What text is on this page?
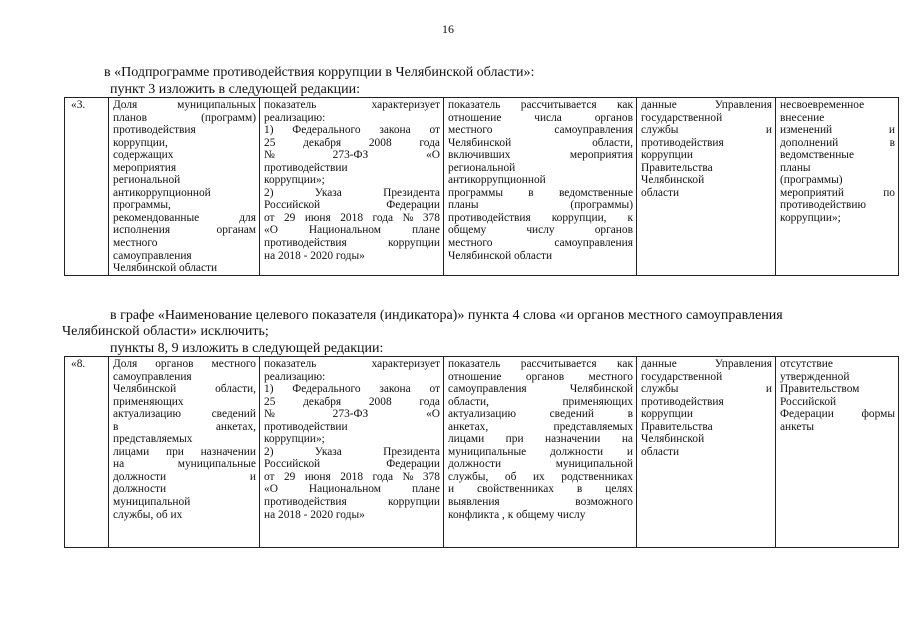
16
в «Подпрограмме противодействия коррупции в Челябинской области»:
пункт 3 изложить в следующей редакции:
«3.	Доля	муниципальных
планов	(программ)
противодействия
коррупции,
содержащих
мероприятия
региональной
антикоррупционной
программы,
рекомендованные	для
исполнения	органам
местного
самоуправления
Челябинской области

показатель	характеризует
реализацию:
1) Федерального закона от
25 декабря 2008 года
№	273-ФЗ	«О
противодействии
коррупции»;
2)	Указа	Президента
Российской	Федерации
от 29 июня 2018 года № 378
«О	Национальном	плане
противодействия	коррупции
на 2018 - 2020 годы»

показатель рассчитывается как
отношение	числа	органов
местного	самоуправления
Челябинской	области,
включивших	мероприятия
региональной
антикоррупционной
программы в ведомственные
планы	(программы)
противодействия коррупции, к
общему	числу	органов
местного	самоуправления
Челябинской области

данные	Управления
государственной
службы	и
противодействия
коррупции
Правительства
Челябинской
области

несвоевременное
внесение
изменений	и
дополнений	в
ведомственные
планы
(программы)
мероприятий	по
противодействию
коррупции»;
в графе «Наименование целевого показателя (индикатора)» пункта 4 слова «и органов местного самоуправления
Челябинской области» исключить;
пункты 8, 9 изложить в следующей редакции:
«8.	Доля органов местного
самоуправления
Челябинской	области,
применяющих
актуализацию	сведений
в	анкетах,
представляемых
лицами при назначении
на	муниципальные
должности	и
должности
муниципальной
службы, об их

показатель	характеризует
реализацию:
1) Федерального закона от
25 декабря 2008 года
№	273-ФЗ	«О
противодействии
коррупции»;
2)	Указа	Президента
Российской	Федерации
от 29 июня 2018 года № 378
«О	Национальном	плане
противодействия	коррупции
на 2018 - 2020 годы»

показатель рассчитывается как
отношение органов местного
самоуправления	Челябинской
области,	применяющих
актуализацию	сведений	в
анкетах,	представляемых
лицами при назначении на
муниципальные должности и
должности	муниципальной
службы, об их родственниках
и свойственниках в целях
выявления	возможного
конфликта , к общему числу

данные	Управления
государственной
службы	и
противодействия
коррупции
Правительства
Челябинской
области

отсутствие
утвержденной
Правительством
Российской
Федерации формы
анкеты
